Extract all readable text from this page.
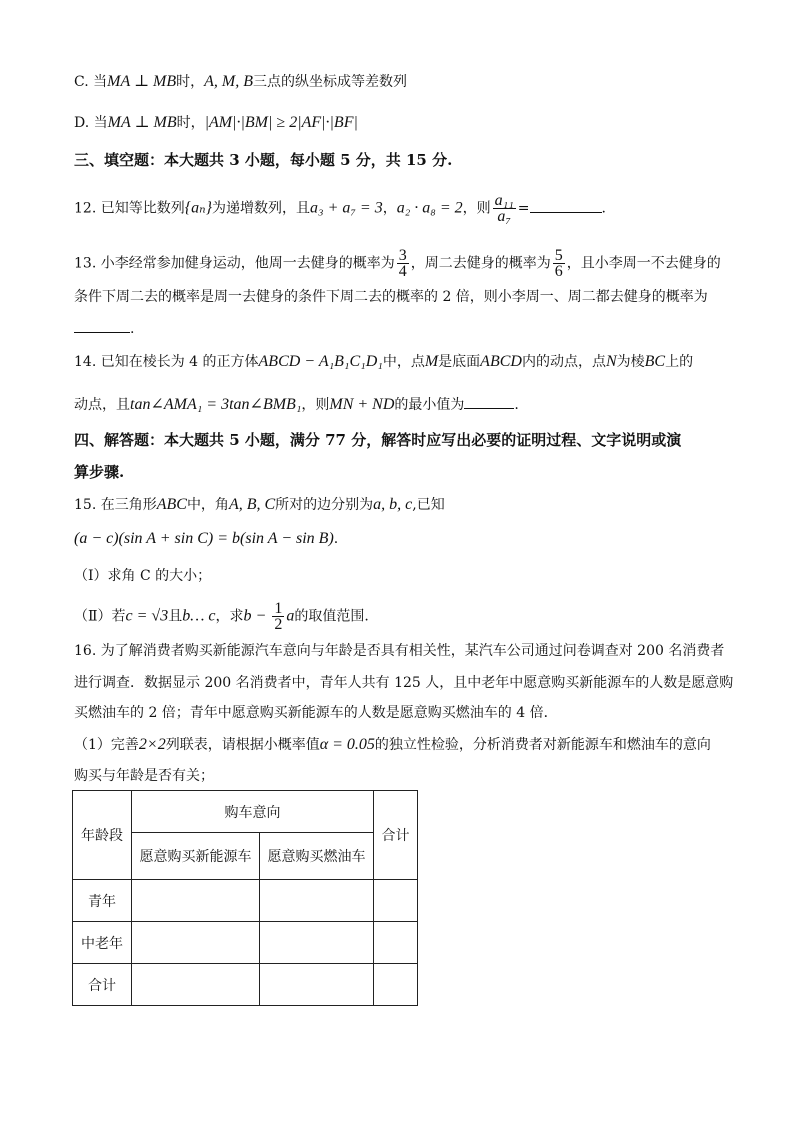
C. 当MA ⊥ MB时，A, M, B三点的纵坐标成等差数列
D. 当MA ⊥ MB时，|AM|·|BM| ≥ 2|AF|·|BF|
三、填空题：本大题共 3 小题，每小题 5 分，共 15 分.
12. 已知等比数列{aₙ}为递增数列，且a₃ + a₇ = 3，a₂ · a₈ = 2，则 $\frac{\text{a₁₁}}{\text{a₇}}$ =	.
13. 小李经常参加健身运动，他周一去健身的概率为 $\frac{3}{4}$ ，周二去健身的概率为 $\frac{5}{6}$ ，且小李周一不去健身的
条件下周二去的概率是周一去健身的条件下周二去的概率的 2 倍，则小李周一、周二都去健身的概率为
.
14. 已知在棱长为 4 的正方体ABCD − A₁B₁C₁D₁中，点M是底面ABCD内的动点，点N为棱BC上的
动点，且tan∠AMA₁ = 3tan∠BMB₁，则MN + ND的最小值为	.
四、解答题：本大题共 5 小题，满分 77 分，解答时应写出必要的证明过程、文字说明或演
算步骤.
15. 在三角形ABC中，角A, B, C所对的边分别为a, b, c,已知
(a − c)(sin A + sin C) = b(sin A − sin B).
（Ⅰ）求角 C 的大小；
（Ⅱ）若c = √3且b… c，求$b - \frac{1}{2}$ a的取值范围.
16. 为了解消费者购买新能源汽车意向与年龄是否具有相关性，某汽车公司通过问卷调查对 200 名消费者
进行调查．数据显示 200 名消费者中，青年人共有 125 人，且中老年中愿意购买新能源车的人数是愿意购
买燃油车的 2 倍；青年中愿意购买新能源车的人数是愿意购买燃油车的 4 倍．
（1）完善2×2列联表，请根据小概率值α = 0.05的独立性检验，分析消费者对新能源车和燃油车的意向
购买与年龄是否有关；
年龄段	购车意向		合计
	愿意购买新能源车	愿意购买燃油车	
青年			
中老年			
合计			
